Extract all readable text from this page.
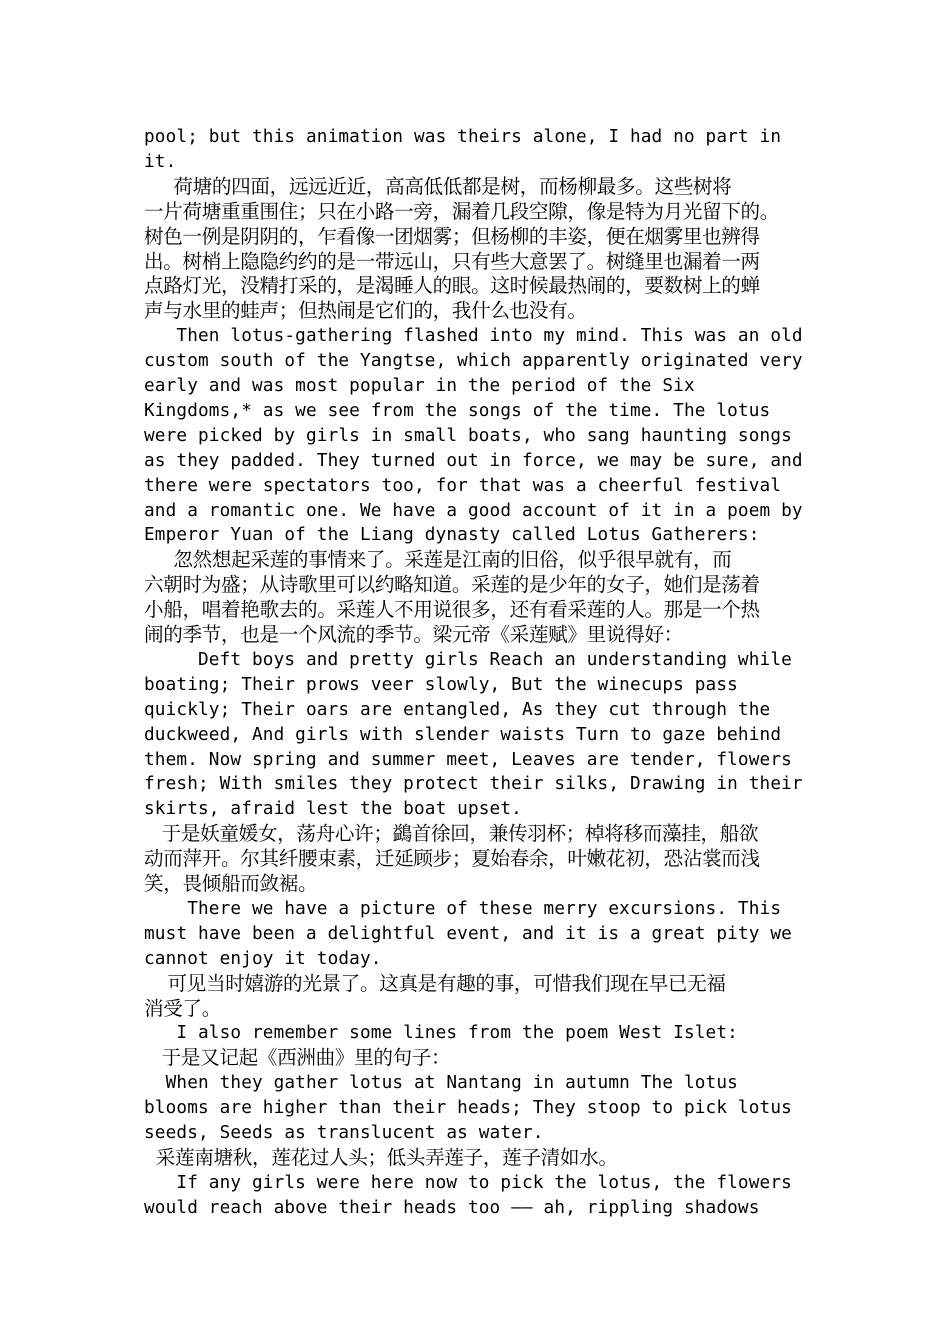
pool; but this animation was theirs alone, I had no part in
it.
荷塘的四面，远远近近，高高低低都是树，而杨柳最多。这些树将
一片荷塘重重围住；只在小路一旁，漏着几段空隙，像是特为月光留下的。
树色一例是阴阴的，乍看像一团烟雾；但杨柳的丰姿，便在烟雾里也辨得
出。树梢上隐隐约约的是一带远山，只有些大意罢了。树缝里也漏着一两
点路灯光，没精打采的，是渴睡人的眼。这时候最热闹的，要数树上的蝉
声与水里的蛙声；但热闹是它们的，我什么也没有。
Then lotus-gathering flashed into my mind. This was an old
custom south of the Yangtse, which apparently originated very
early and was most popular in the period of the Six
Kingdoms,* as we see from the songs of the time. The lotus
were picked by girls in small boats, who sang haunting songs
as they padded. They turned out in force, we may be sure, and
there were spectators too, for that was a cheerful festival
and a romantic one. We have a good account of it in a poem by
Emperor Yuan of the Liang dynasty called Lotus Gatherers:
忽然想起采莲的事情来了。采莲是江南的旧俗，似乎很早就有，而
六朝时为盛；从诗歌里可以约略知道。采莲的是少年的女子，她们是荡着
小船，唱着艳歌去的。采莲人不用说很多，还有看采莲的人。那是一个热
闹的季节，也是一个风流的季节。梁元帝《采莲赋》里说得好：
Deft boys and pretty girls Reach an understanding while
boating; Their prows veer slowly, But the winecups pass
quickly; Their oars are entangled, As they cut through the
duckweed, And girls with slender waists Turn to gaze behind
them. Now spring and summer meet, Leaves are tender, flowers
fresh; With smiles they protect their silks, Drawing in their
skirts, afraid lest the boat upset.
于是妖童媛女，荡舟心许；鷁首徐回，兼传羽杯；棹将移而藻挂，船欲
动而萍开。尔其纤腰束素，迁延顾步；夏始春余，叶嫩花初，恐沾裳而浅
笑，畏倾船而敛裾。
There we have a picture of these merry excursions. This
must have been a delightful event, and it is a great pity we
cannot enjoy it today.
可见当时嬉游的光景了。这真是有趣的事，可惜我们现在早已无福
消受了。
I also remember some lines from the poem West Islet:
于是又记起《西洲曲》里的句子：
When they gather lotus at Nantang in autumn The lotus
blooms are higher than their heads; They stoop to pick lotus
seeds, Seeds as translucent as water.
采莲南塘秋，莲花过人头；低头弄莲子，莲子清如水。
If any girls were here now to pick the lotus, the flowers
would reach above their heads too —— ah, rippling shadows
